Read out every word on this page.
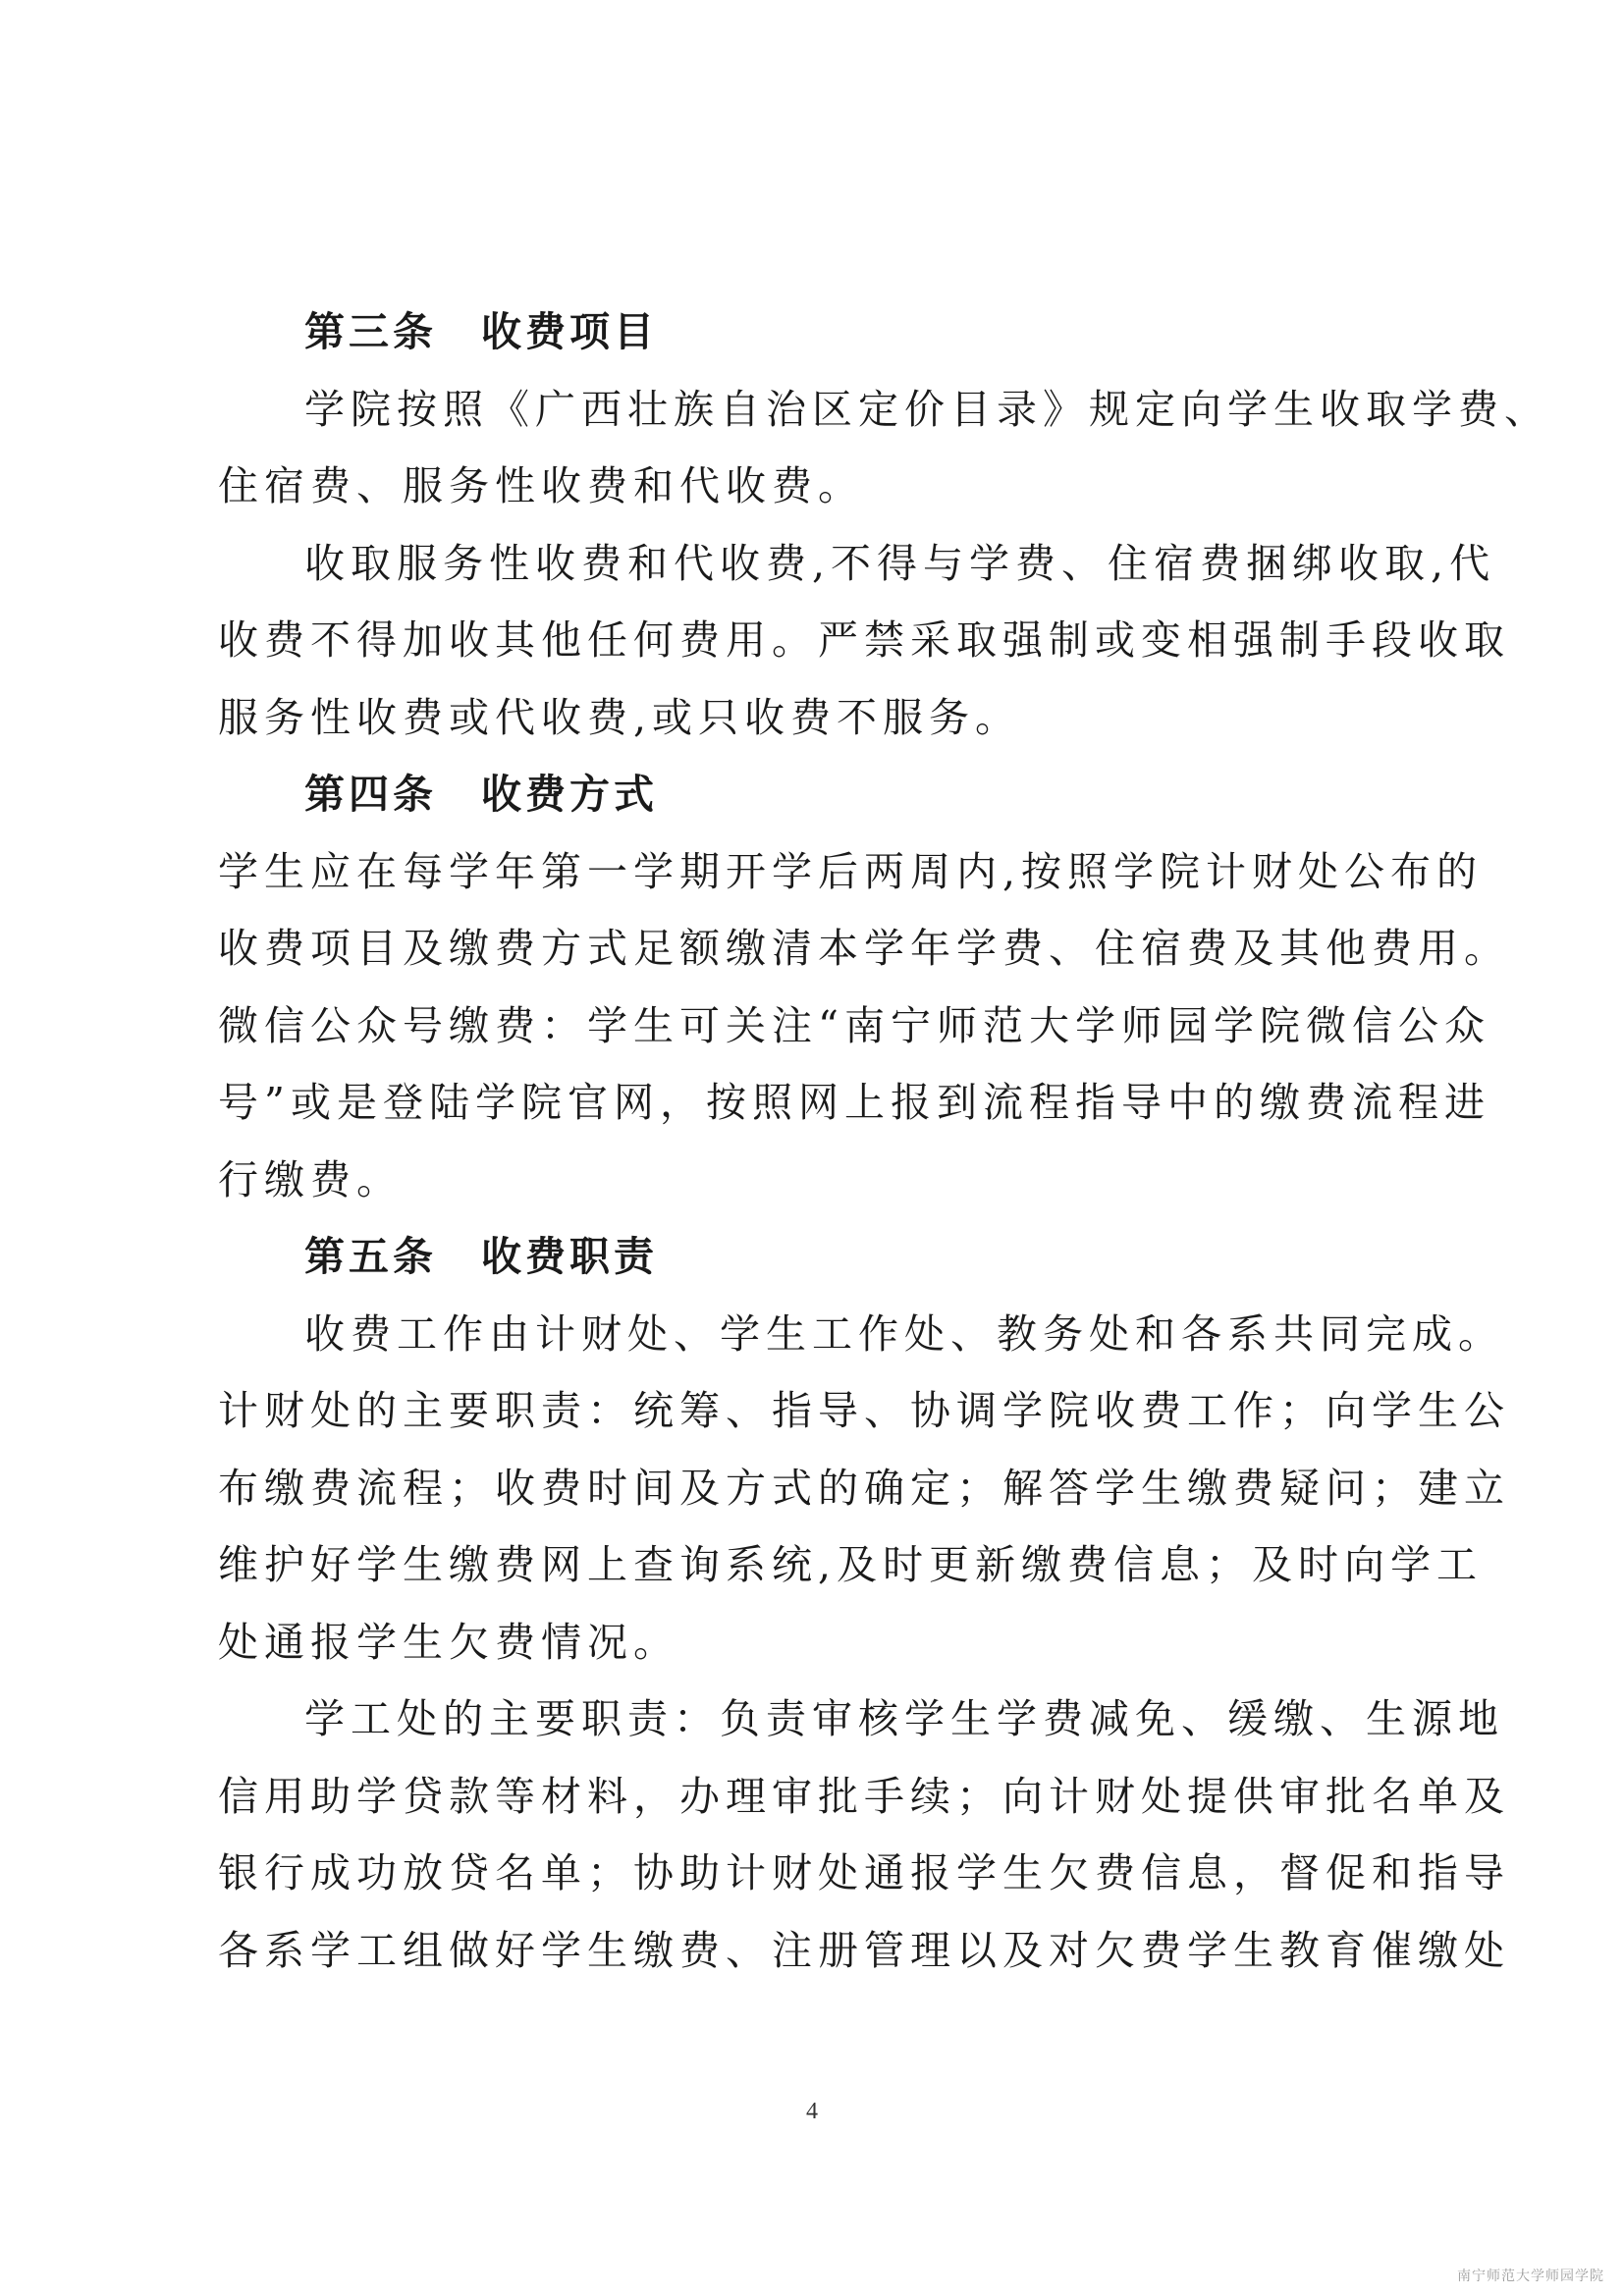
第三条　收费项目
学院按照《广西壮族自治区定价目录》规定向学生收取学费、
住宿费、服务性收费和代收费。
收取服务性收费和代收费,不得与学费、住宿费捆绑收取,代
收费不得加收其他任何费用。严禁采取强制或变相强制手段收取
服务性收费或代收费,或只收费不服务。
第四条　收费方式
学生应在每学年第一学期开学后两周内,按照学院计财处公布的
收费项目及缴费方式足额缴清本学年学费、住宿费及其他费用。
微信公众号缴费：学生可关注“南宁师范大学师园学院微信公众
号”或是登陆学院官网，按照网上报到流程指导中的缴费流程进
行缴费。
第五条　收费职责
收费工作由计财处、学生工作处、教务处和各系共同完成。
计财处的主要职责：统筹、指导、协调学院收费工作；向学生公
布缴费流程；收费时间及方式的确定；解答学生缴费疑问；建立
维护好学生缴费网上查询系统,及时更新缴费信息；及时向学工
处通报学生欠费情况。
学工处的主要职责：负责审核学生学费减免、缓缴、生源地
信用助学贷款等材料，办理审批手续；向计财处提供审批名单及
银行成功放贷名单；协助计财处通报学生欠费信息，督促和指导
各系学工组做好学生缴费、注册管理以及对欠费学生教育催缴处
4
南宁师范大学师园学院
